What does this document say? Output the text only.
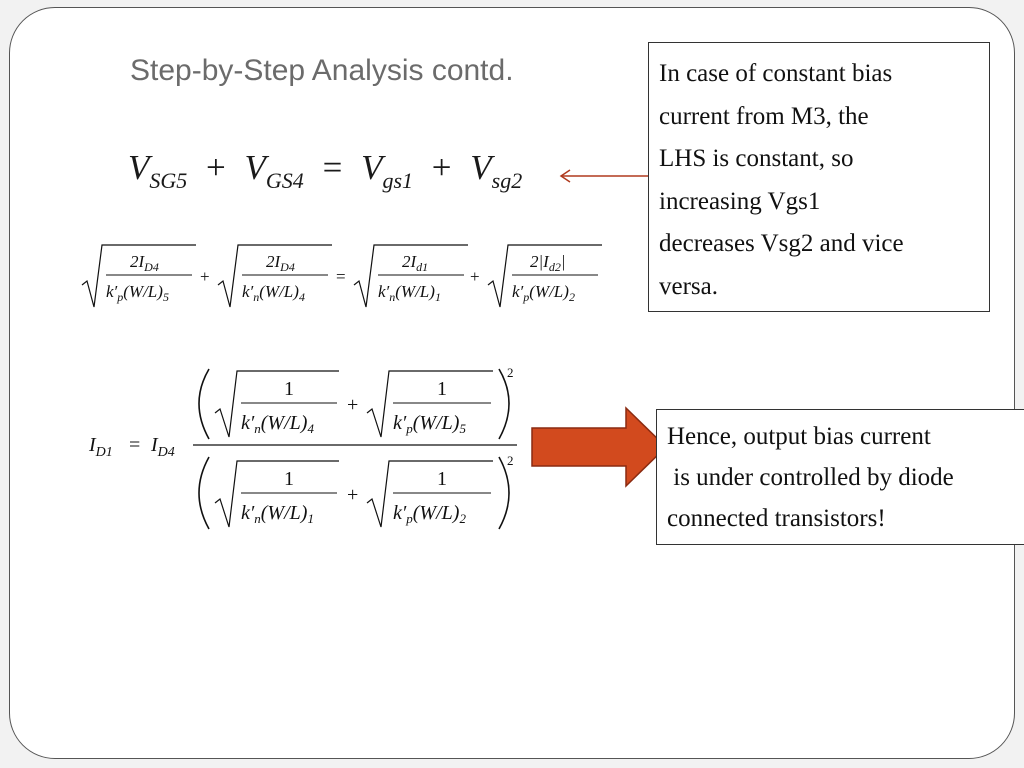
Step-by-Step Analysis contd.
$V_{SG5} + V_{GS4} = V_{gs1} + V_{sg2}$
$2I_{D4}$
$k'_p(W/L)_5$
+
$2I_{D4}$
$k'_n(W/L)_4$
=
$2I_{d1}$
$k'_n(W/L)_1$
+
$2|I_{d2}|$
$k'_p(W/L)_2$
$I_{D1} = I_{D4}$
1
$k'_n(W/L)_4$
+
1
$k'_p(W/L)_5$
2
1
$k'_n(W/L)_1$
+
1
$k'_p(W/L)_2$
2
In case of constant bias
current from M3, the
LHS is constant, so
increasing Vgs1
decreases Vsg2 and vice
versa.
Hence, output bias current
is under controlled by diode
connected transistors!
